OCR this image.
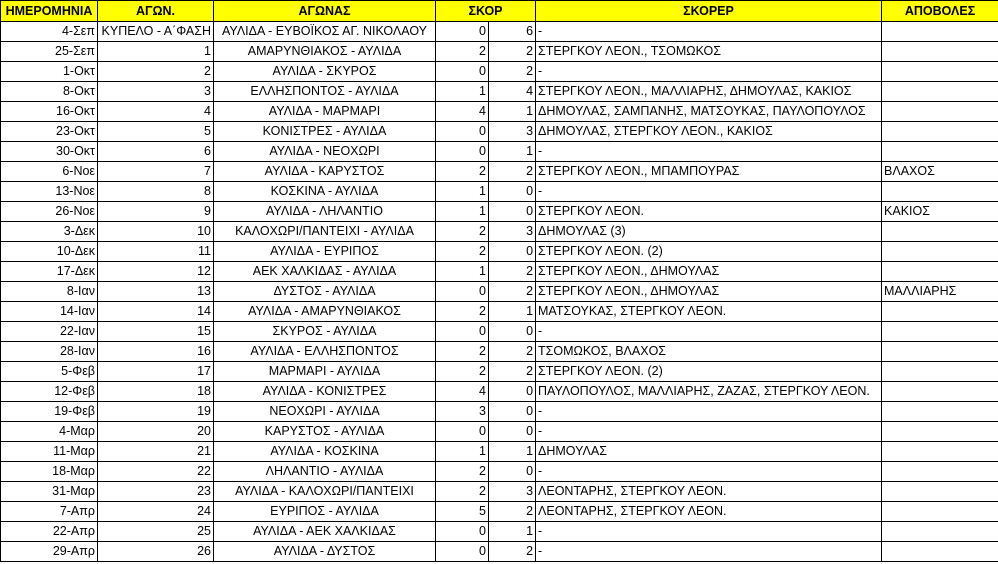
ΗΜΕΡΟΜΗΝΙΑ	ΑΓΩΝ.	ΑΓΩΝΑΣ	ΣΚΟΡ		ΣΚΟΡΕΡ	ΑΠΟΒΟΛΕΣ
4-Σεπ	ΚΥΠΕΛΟ - Α΄ΦΑΣΗ	ΑΥΛΙΔΑ - ΕΥΒΟΪΚΟΣ ΑΓ. ΝΙΚΟΛΑΟΥ	0	6	-	
25-Σεπ	1	ΑΜΑΡΥΝΘΙΑΚΟΣ - ΑΥΛΙΔΑ	2	2	ΣΤΕΡΓΚΟΥ ΛΕΟΝ., ΤΣΟΜΩΚΟΣ	
1-Οκτ	2	ΑΥΛΙΔΑ - ΣΚΥΡΟΣ	0	2	-	
8-Οκτ	3	ΕΛΛΗΣΠΟΝΤΟΣ - ΑΥΛΙΔΑ	1	4	ΣΤΕΡΓΚΟΥ ΛΕΟΝ., ΜΑΛΛΙΑΡΗΣ, ΔΗΜΟΥΛΑΣ, ΚΑΚΙΟΣ	
16-Οκτ	4	ΑΥΛΙΔΑ - ΜΑΡΜΑΡΙ	4	1	ΔΗΜΟΥΛΑΣ, ΣΑΜΠΑΝΗΣ, ΜΑΤΣΟΥΚΑΣ, ΠΑΥΛΟΠΟΥΛΟΣ	
23-Οκτ	5	ΚΟΝΙΣΤΡΕΣ - ΑΥΛΙΔΑ	0	3	ΔΗΜΟΥΛΑΣ, ΣΤΕΡΓΚΟΥ ΛΕΟΝ., ΚΑΚΙΟΣ	
30-Οκτ	6	ΑΥΛΙΔΑ - ΝΕΟΧΩΡΙ	0	1	-	
6-Νοε	7	ΑΥΛΙΔΑ - ΚΑΡΥΣΤΟΣ	2	2	ΣΤΕΡΓΚΟΥ ΛΕΟΝ., ΜΠΑΜΠΟΥΡΑΣ	ΒΛΑΧΟΣ
13-Νοε	8	ΚΟΣΚΙΝΑ - ΑΥΛΙΔΑ	1	0	-	
26-Νοε	9	ΑΥΛΙΔΑ - ΛΗΛΑΝΤΙΟ	1	0	ΣΤΕΡΓΚΟΥ ΛΕΟΝ.	ΚΑΚΙΟΣ
3-Δεκ	10	ΚΑΛΟΧΩΡΙ/ΠΑΝΤΕΙΧΙ - ΑΥΛΙΔΑ	2	3	ΔΗΜΟΥΛΑΣ (3)	
10-Δεκ	11	ΑΥΛΙΔΑ - ΕΥΡΙΠΟΣ	2	0	ΣΤΕΡΓΚΟΥ ΛΕΟΝ. (2)	
17-Δεκ	12	ΑΕΚ ΧΑΛΚΙΔΑΣ - ΑΥΛΙΔΑ	1	2	ΣΤΕΡΓΚΟΥ ΛΕΟΝ., ΔΗΜΟΥΛΑΣ	
8-Ιαν	13	ΔΥΣΤΟΣ - ΑΥΛΙΔΑ	0	2	ΣΤΕΡΓΚΟΥ ΛΕΟΝ., ΔΗΜΟΥΛΑΣ	ΜΑΛΛΙΑΡΗΣ
14-Ιαν	14	ΑΥΛΙΔΑ - ΑΜΑΡΥΝΘΙΑΚΟΣ	2	1	ΜΑΤΣΟΥΚΑΣ, ΣΤΕΡΓΚΟΥ ΛΕΟΝ.	
22-Ιαν	15	ΣΚΥΡΟΣ - ΑΥΛΙΔΑ	0	0	-	
28-Ιαν	16	ΑΥΛΙΔΑ - ΕΛΛΗΣΠΟΝΤΟΣ	2	2	ΤΣΟΜΩΚΟΣ, ΒΛΑΧΟΣ	
5-Φεβ	17	ΜΑΡΜΑΡΙ - ΑΥΛΙΔΑ	2	2	ΣΤΕΡΓΚΟΥ ΛΕΟΝ. (2)	
12-Φεβ	18	ΑΥΛΙΔΑ - ΚΟΝΙΣΤΡΕΣ	4	0	ΠΑΥΛΟΠΟΥΛΟΣ, ΜΑΛΛΙΑΡΗΣ, ΖΑΖΑΣ, ΣΤΕΡΓΚΟΥ ΛΕΟΝ.	
19-Φεβ	19	ΝΕΟΧΩΡΙ - ΑΥΛΙΔΑ	3	0	-	
4-Μαρ	20	ΚΑΡΥΣΤΟΣ - ΑΥΛΙΔΑ	0	0	-	
11-Μαρ	21	ΑΥΛΙΔΑ - ΚΟΣΚΙΝΑ	1	1	ΔΗΜΟΥΛΑΣ	
18-Μαρ	22	ΛΗΛΑΝΤΙΟ - ΑΥΛΙΔΑ	2	0	-	
31-Μαρ	23	ΑΥΛΙΔΑ - ΚΑΛΟΧΩΡΙ/ΠΑΝΤΕΙΧΙ	2	3	ΛΕΟΝΤΑΡΗΣ, ΣΤΕΡΓΚΟΥ ΛΕΟΝ.	
7-Απρ	24	ΕΥΡΙΠΟΣ - ΑΥΛΙΔΑ	5	2	ΛΕΟΝΤΑΡΗΣ, ΣΤΕΡΓΚΟΥ ΛΕΟΝ.	
22-Απρ	25	ΑΥΛΙΔΑ - ΑΕΚ ΧΑΛΚΙΔΑΣ	0	1	-	
29-Απρ	26	ΑΥΛΙΔΑ - ΔΥΣΤΟΣ	0	2	-	
